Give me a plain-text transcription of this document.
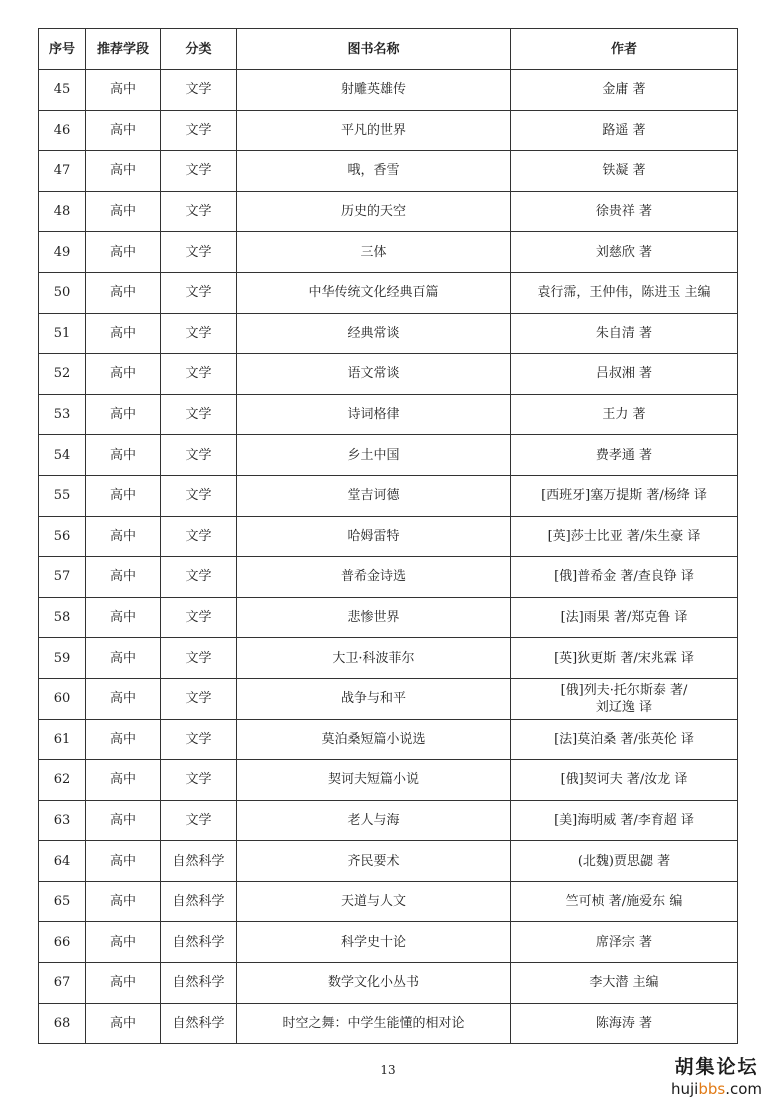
序号	推荐学段	分类	图书名称	作者
45	高中	文学	射雕英雄传	金庸 著
46	高中	文学	平凡的世界	路遥 著
47	高中	文学	哦，香雪	铁凝 著
48	高中	文学	历史的天空	徐贵祥 著
49	高中	文学	三体	刘慈欣 著
50	高中	文学	中华传统文化经典百篇	袁行霈，王仲伟，陈进玉 主编
51	高中	文学	经典常谈	朱自清 著
52	高中	文学	语文常谈	吕叔湘 著
53	高中	文学	诗词格律	王力 著
54	高中	文学	乡土中国	费孝通 著
55	高中	文学	堂吉诃德	[西班牙]塞万提斯 著/杨绛 译
56	高中	文学	哈姆雷特	[英]莎士比亚 著/朱生豪 译
57	高中	文学	普希金诗选	[俄]普希金 著/查良铮 译
58	高中	文学	悲惨世界	[法]雨果 著/郑克鲁 译
59	高中	文学	大卫·科波菲尔	[英]狄更斯 著/宋兆霖 译
60	高中	文学	战争与和平	[俄]列夫·托尔斯泰 著/
刘辽逸 译
61	高中	文学	莫泊桑短篇小说选	[法]莫泊桑 著/张英伦 译
62	高中	文学	契诃夫短篇小说	[俄]契诃夫 著/汝龙 译
63	高中	文学	老人与海	[美]海明威 著/李育超 译
64	高中	自然科学	齐民要术	(北魏)贾思勰 著
65	高中	自然科学	天道与人文	竺可桢 著/施爱东 编
66	高中	自然科学	科学史十论	席泽宗 著
67	高中	自然科学	数学文化小丛书	李大潜 主编
68	高中	自然科学	时空之舞：中学生能懂的相对论	陈海涛 著
13	胡集论坛
hujibbs.com
